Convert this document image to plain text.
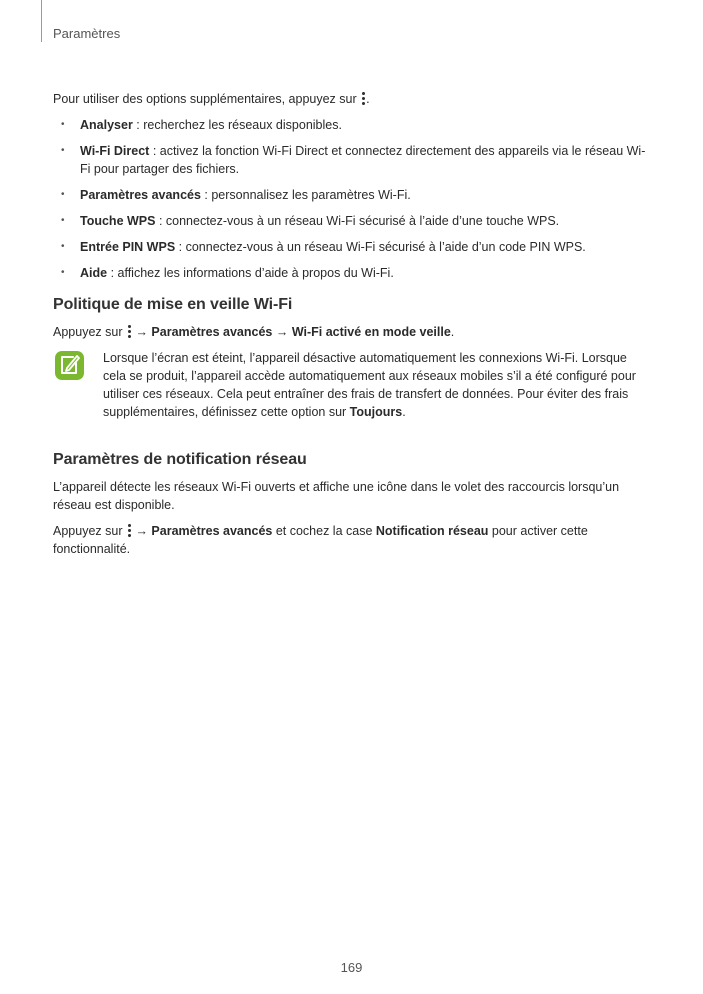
Paramètres

Pour utiliser des options supplémentaires, appuyez sur .

• Analyser : recherchez les réseaux disponibles.
• Wi-Fi Direct : activez la fonction Wi-Fi Direct et connectez directement des appareils via le réseau Wi-Fi pour partager des fichiers.
• Paramètres avancés : personnalisez les paramètres Wi-Fi.
• Touche WPS : connectez-vous à un réseau Wi-Fi sécurisé à l’aide d’une touche WPS.
• Entrée PIN WPS : connectez-vous à un réseau Wi-Fi sécurisé à l’aide d’un code PIN WPS.
• Aide : affichez les informations d’aide à propos du Wi-Fi.
Politique de mise en veille Wi-Fi

Appuyez sur  → Paramètres avancés → Wi-Fi activé en mode veille.

Lorsque l’écran est éteint, l’appareil désactive automatiquement les connexions Wi-Fi. Lorsque cela se produit, l’appareil accède automatiquement aux réseaux mobiles s’il a été configuré pour utiliser ces réseaux. Cela peut entraîner des frais de transfert de données. Pour éviter des frais supplémentaires, définissez cette option sur Toujours.

Paramètres de notification réseau

L’appareil détecte les réseaux Wi-Fi ouverts et affiche une icône dans le volet des raccourcis lorsqu’un réseau est disponible.

Appuyez sur  → Paramètres avancés et cochez la case Notification réseau pour activer cette fonctionnalité.

169
